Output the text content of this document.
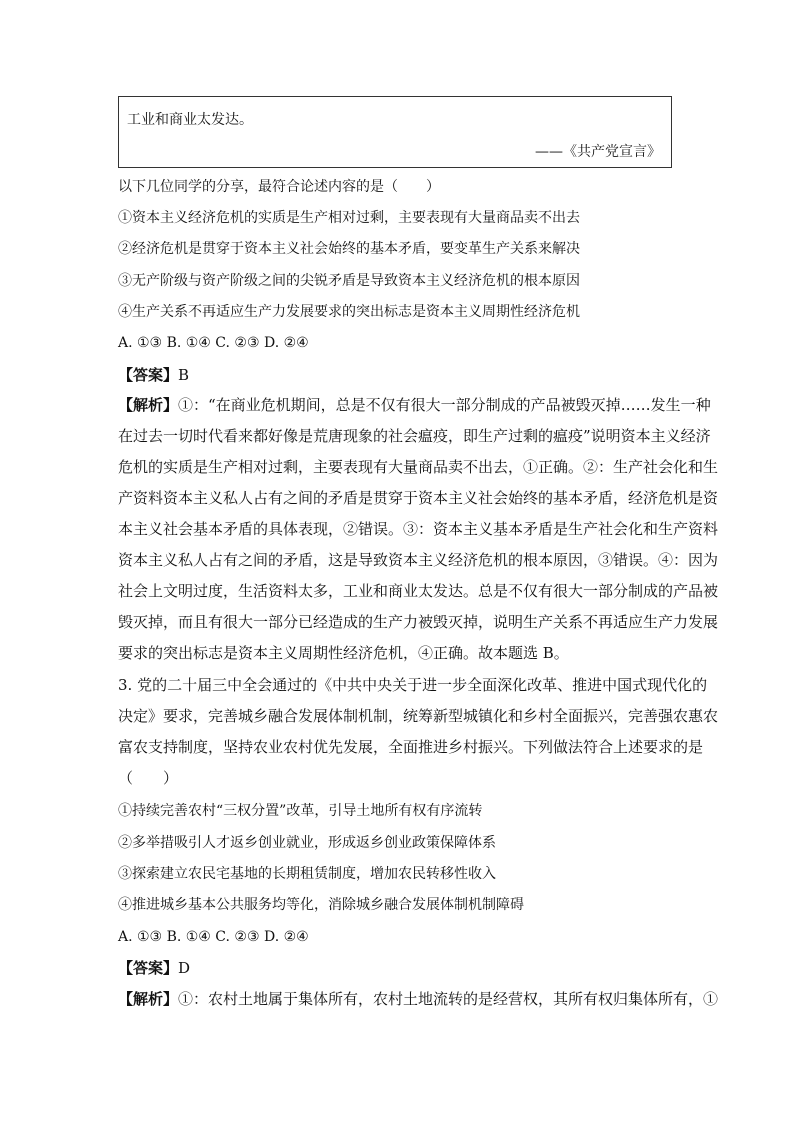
工业和商业太发达。
——《共产党宣言》
以下几位同学的分享，最符合论述内容的是（　　）
①资本主义经济危机的实质是生产相对过剩，主要表现有大量商品卖不出去
②经济危机是贯穿于资本主义社会始终的基本矛盾，要变革生产关系来解决
③无产阶级与资产阶级之间的尖锐矛盾是导致资本主义经济危机的根本原因
④生产关系不再适应生产力发展要求的突出标志是资本主义周期性经济危机
A. ①③ B. ①④ C. ②③ D. ②④
【答案】B
【解析】①：“在商业危机期间，总是不仅有很大一部分制成的产品被毁灭掉……发生一种
在过去一切时代看来都好像是荒唐现象的社会瘟疫，即生产过剩的瘟疫”说明资本主义经济
危机的实质是生产相对过剩，主要表现有大量商品卖不出去，①正确。②：生产社会化和生
产资料资本主义私人占有之间的矛盾是贯穿于资本主义社会始终的基本矛盾，经济危机是资
本主义社会基本矛盾的具体表现，②错误。③：资本主义基本矛盾是生产社会化和生产资料
资本主义私人占有之间的矛盾，这是导致资本主义经济危机的根本原因，③错误。④：因为
社会上文明过度，生活资料太多，工业和商业太发达。总是不仅有很大一部分制成的产品被
毁灭掉，而且有很大一部分已经造成的生产力被毁灭掉，说明生产关系不再适应生产力发展
要求的突出标志是资本主义周期性经济危机，④正确。故本题选 B。
3. 党的二十届三中全会通过的《中共中央关于进一步全面深化改革、推进中国式现代化的
决定》要求，完善城乡融合发展体制机制，统筹新型城镇化和乡村全面振兴，完善强农惠农
富农支持制度，坚持农业农村优先发展，全面推进乡村振兴。下列做法符合上述要求的是
（　　）
①持续完善农村“三权分置”改革，引导土地所有权有序流转
②多举措吸引人才返乡创业就业，形成返乡创业政策保障体系
③探索建立农民宅基地的长期租赁制度，增加农民转移性收入
④推进城乡基本公共服务均等化，消除城乡融合发展体制机制障碍
A. ①③ B. ①④ C. ②③ D. ②④
【答案】D
【解析】①：农村土地属于集体所有，农村土地流转的是经营权，其所有权归集体所有，①
